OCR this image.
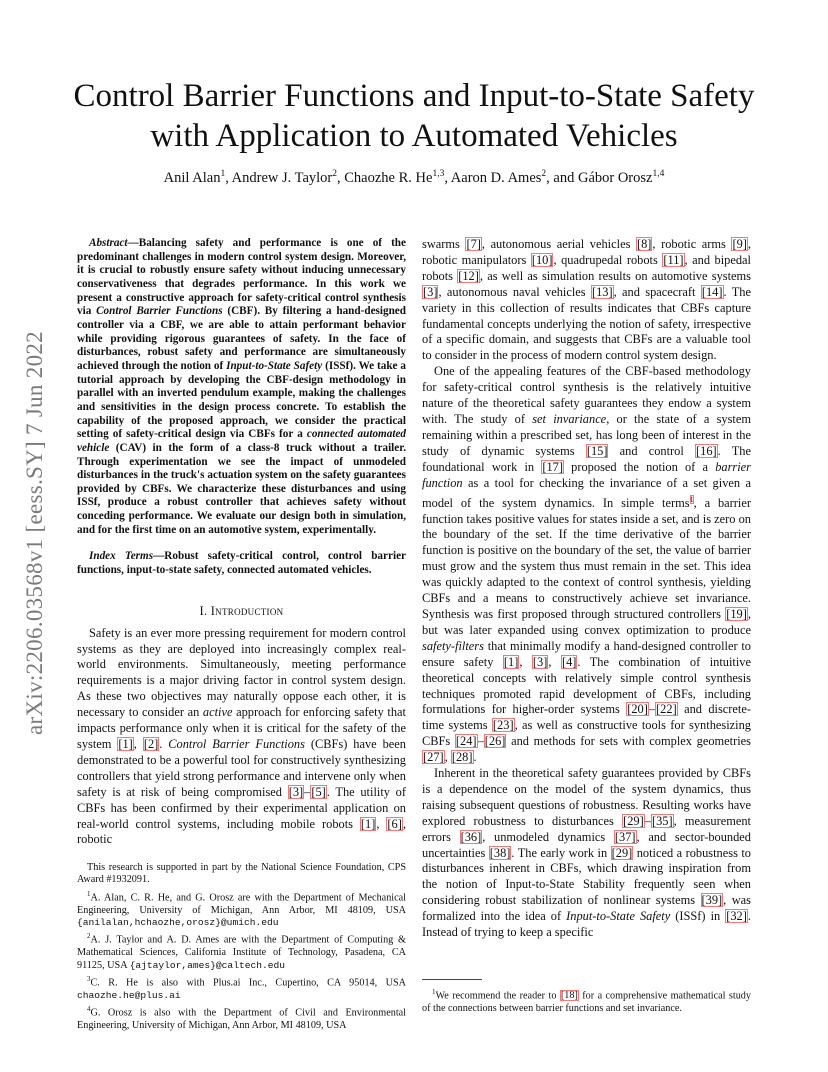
arXiv:2206.03568v1 [eess.SY] 7 Jun 2022
Control Barrier Functions and Input-to-State Safety
with Application to Automated Vehicles
Anil Alan$^1$, Andrew J. Taylor$^2$, Chaozhe R. He$^{1,3}$, Aaron D. Ames$^2$, and Gábor Orosz$^{1,4}$

Abstract—Balancing safety and performance is one of the predominant challenges in modern control system design. Moreover, it is crucial to robustly ensure safety without inducing unnecessary conservativeness that degrades performance. In this work we present a constructive approach for safety-critical control synthesis via Control Barrier Functions (CBF). By filtering a hand-designed controller via a CBF, we are able to attain performant behavior while providing rigorous guarantees of safety. In the face of disturbances, robust safety and performance are simultaneously achieved through the notion of Input-to-State Safety (ISSf). We take a tutorial approach by developing the CBF-design methodology in parallel with an inverted pendulum example, making the challenges and sensitivities in the design process concrete. To establish the capability of the proposed approach, we consider the practical setting of safety-critical design via CBFs for a connected automated vehicle (CAV) in the form of a class-8 truck without a trailer. Through experimentation we see the impact of unmodeled disturbances in the truck's actuation system on the safety guarantees provided by CBFs. We characterize these disturbances and using ISSf, produce a robust controller that achieves safety without conceding performance. We evaluate our design both in simulation, and for the first time on an automotive system, experimentally.

Index Terms—Robust safety-critical control, control barrier functions, input-to-state safety, connected automated vehicles.

I. Introduction

Safety is an ever more pressing requirement for modern control systems as they are deployed into increasingly complex real-world environments. Simultaneously, meeting performance requirements is a major driving factor in control system design. As these two objectives may naturally oppose each other, it is necessary to consider an active approach for enforcing safety that impacts performance only when it is critical for the safety of the system [1], [2]. Control Barrier Functions (CBFs) have been demonstrated to be a powerful tool for constructively synthesizing controllers that yield strong performance and intervene only when safety is at risk of being compromised [3]–[5]. The utility of CBFs has been confirmed by their experimental application on real-world control systems, including mobile robots [1], [6], robotic

This research is supported in part by the National Science Foundation, CPS Award #1932091.

$^1$A. Alan, C. R. He, and G. Orosz are with the Department of Mechanical Engineering, University of Michigan, Ann Arbor, MI 48109, USA {anilalan,hchaozhe,orosz}@umich.edu

$^2$A. J. Taylor and A. D. Ames are with the Department of Computing & Mathematical Sciences, California Institute of Technology, Pasadena, CA 91125, USA {ajtaylor,ames}@caltech.edu

$^3$C. R. He is also with Plus.ai Inc., Cupertino, CA 95014, USA chaozhe.he@plus.ai

$^4$G. Orosz is also with the Department of Civil and Environmental Engineering, University of Michigan, Ann Arbor, MI 48109, USA

swarms [7], autonomous aerial vehicles [8], robotic arms [9], robotic manipulators [10], quadrupedal robots [11], and bipedal robots [12], as well as simulation results on automotive systems [3], autonomous naval vehicles [13], and spacecraft [14]. The variety in this collection of results indicates that CBFs capture fundamental concepts underlying the notion of safety, irrespective of a specific domain, and suggests that CBFs are a valuable tool to consider in the process of modern control system design.

One of the appealing features of the CBF-based methodology for safety-critical control synthesis is the relatively intuitive nature of the theoretical safety guarantees they endow a system with. The study of set invariance, or the state of a system remaining within a prescribed set, has long been of interest in the study of dynamic systems [15] and control [16]. The foundational work in [17] proposed the notion of a barrier function as a tool for checking the invariance of a set given a model of the system dynamics. In simple terms$^1$, a barrier function takes positive values for states inside a set, and is zero on the boundary of the set. If the time derivative of the barrier function is positive on the boundary of the set, the value of barrier must grow and the system thus must remain in the set. This idea was quickly adapted to the context of control synthesis, yielding CBFs and a means to constructively achieve set invariance. Synthesis was first proposed through structured controllers [19], but was later expanded using convex optimization to produce safety-filters that minimally modify a hand-designed controller to ensure safety [1], [3], [4]. The combination of intuitive theoretical concepts with relatively simple control synthesis techniques promoted rapid development of CBFs, including formulations for higher-order systems [20]–[22] and discrete-time systems [23], as well as constructive tools for synthesizing CBFs [24]–[26] and methods for sets with complex geometries [27], [28].

Inherent in the theoretical safety guarantees provided by CBFs is a dependence on the model of the system dynamics, thus raising subsequent questions of robustness. Resulting works have explored robustness to disturbances [29]–[35], measurement errors [36], unmodeled dynamics [37], and sector-bounded uncertainties [38]. The early work in [29] noticed a robustness to disturbances inherent in CBFs, which drawing inspiration from the notion of Input-to-State Stability frequently seen when considering robust stabilization of nonlinear systems [39], was formalized into the idea of Input-to-State Safety (ISSf) in [32]. Instead of trying to keep a specific

$^1$We recommend the reader to [18] for a comprehensive mathematical study of the connections between barrier functions and set invariance.
